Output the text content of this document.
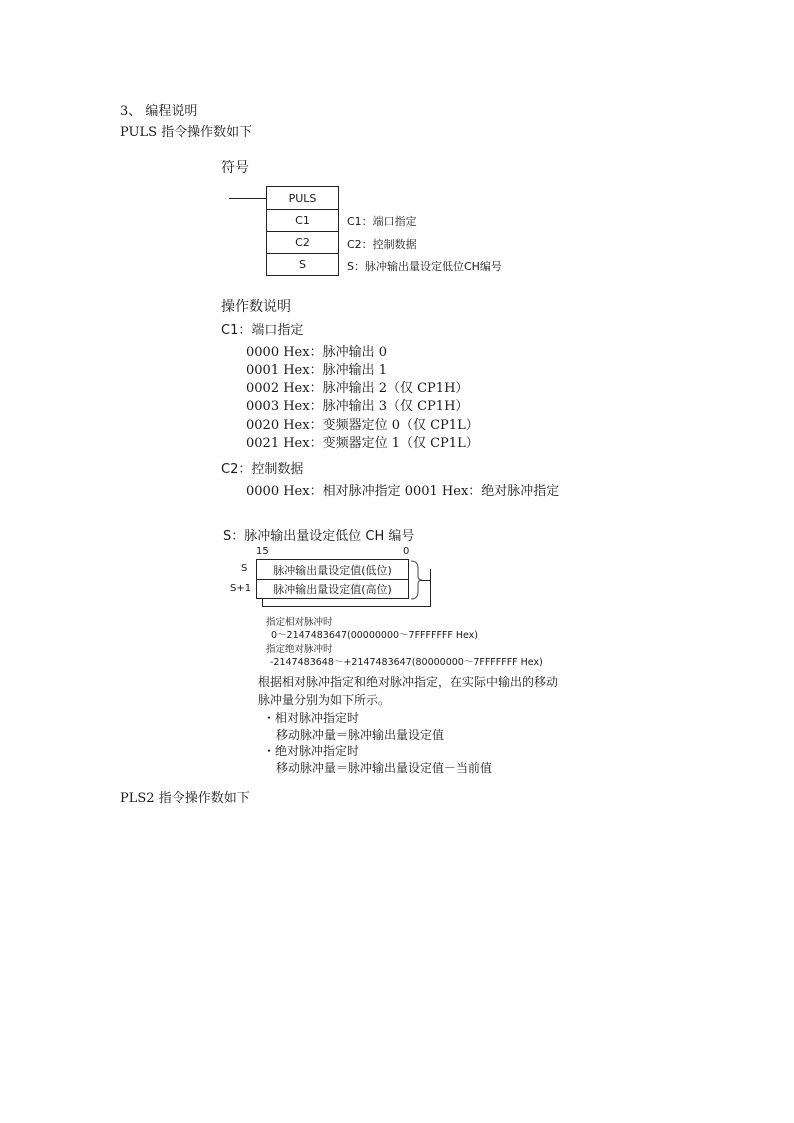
3、 编程说明
PULS 指令操作数如下
符号
PULS
C1
C2
S
C1：端口指定
C2：控制数据
S：脉冲输出量设定低位CH编号
操作数说明
C1：端口指定
0000 Hex：脉冲输出 0
0001 Hex：脉冲输出 1
0002 Hex：脉冲输出 2（仅 CP1H）
0003 Hex：脉冲输出 3（仅 CP1H）
0020 Hex：变频器定位 0（仅 CP1L）
0021 Hex：变频器定位 1（仅 CP1L）
C2：控制数据
0000 Hex：相对脉冲指定 0001 Hex：绝对脉冲指定
S：脉冲输出量设定低位 CH 编号
15	0
S
S+1
脉冲输出量设定值(低位)
脉冲输出量设定值(高位)
指定相对脉冲时
0～2147483647(00000000～7FFFFFFF Hex)
指定绝对脉冲时
-2147483648～+2147483647(80000000～7FFFFFFF Hex)
根据相对脉冲指定和绝对脉冲指定，在实际中输出的移动
脉冲量分别为如下所示。
・相对脉冲指定时
移动脉冲量＝脉冲输出量设定值
・绝对脉冲指定时
移动脉冲量＝脉冲输出量设定值－当前值
PLS2 指令操作数如下
